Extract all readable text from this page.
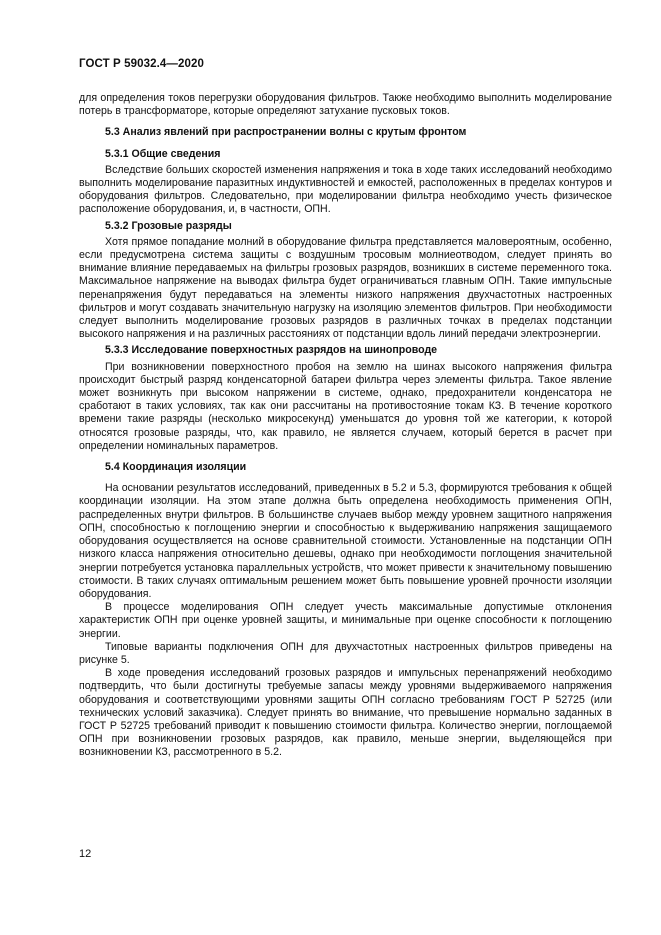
ГОСТ Р 59032.4—2020

для определения токов перегрузки оборудования фильтров. Также необходимо выполнить моделирование потерь в трансформаторе, которые определяют затухание пусковых токов.

5.3 Анализ явлений при распространении волны с крутым фронтом
5.3.1 Общие сведения

Вследствие больших скоростей изменения напряжения и тока в ходе таких исследований необходимо выполнить моделирование паразитных индуктивностей и емкостей, расположенных в пределах контуров и оборудования фильтров. Следовательно, при моделировании фильтра необходимо учесть физическое расположение оборудования, и, в частности, ОПН.

5.3.2 Грозовые разряды

Хотя прямое попадание молний в оборудование фильтра представляется маловероятным, особенно, если предусмотрена система защиты с воздушным тросовым молниеотводом, следует принять во внимание влияние передаваемых на фильтры грозовых разрядов, возникших в системе переменного тока. Максимальное напряжение на выводах фильтра будет ограничиваться главным ОПН. Такие импульсные перенапряжения будут передаваться на элементы низкого напряжения двухчастотных настроенных фильтров и могут создавать значительную нагрузку на изоляцию элементов фильтров. При необходимости следует выполнить моделирование грозовых разрядов в различных точках в пределах подстанции высокого напряжения и на различных расстояниях от подстанции вдоль линий передачи электроэнергии.

5.3.3 Исследование поверхностных разрядов на шинопроводе

При возникновении поверхностного пробоя на землю на шинах высокого напряжения фильтра происходит быстрый разряд конденсаторной батареи фильтра через элементы фильтра. Такое явление может возникнуть при высоком напряжении в системе, однако, предохранители конденсатора не сработают в таких условиях, так как они рассчитаны на противостояние токам КЗ. В течение короткого времени такие разряды (несколько микросекунд) уменьшатся до уровня той же категории, к которой относятся грозовые разряды, что, как правило, не является случаем, который берется в расчет при определении номинальных параметров.

5.4 Координация изоляции

На основании результатов исследований, приведенных в 5.2 и 5.3, формируются требования к общей координации изоляции. На этом этапе должна быть определена необходимость применения ОПН, распределенных внутри фильтров. В большинстве случаев выбор между уровнем защитного напряжения ОПН, способностью к поглощению энергии и способностью к выдерживанию напряжения защищаемого оборудования осуществляется на основе сравнительной стоимости. Установленные на подстанции ОПН низкого класса напряжения относительно дешевы, однако при необходимости поглощения значительной энергии потребуется установка параллельных устройств, что может привести к значительному повышению стоимости. В таких случаях оптимальным решением может быть повышение уровней прочности изоляции оборудования.

В процессе моделирования ОПН следует учесть максимальные допустимые отклонения характеристик ОПН при оценке уровней защиты, и минимальные при оценке способности к поглощению энергии.

Типовые варианты подключения ОПН для двухчастотных настроенных фильтров приведены на рисунке 5.

В ходе проведения исследований грозовых разрядов и импульсных перенапряжений необходимо подтвердить, что были достигнуты требуемые запасы между уровнями выдерживаемого напряжения оборудования и соответствующими уровнями защиты ОПН согласно требованиям ГОСТ Р 52725 (или технических условий заказчика). Следует принять во внимание, что превышение нормально заданных в ГОСТ Р 52725 требований приводит к повышению стоимости фильтра. Количество энергии, поглощаемой ОПН при возникновении грозовых разрядов, как правило, меньше энергии, выделяющейся при возникновении КЗ, рассмотренного в 5.2.

12
